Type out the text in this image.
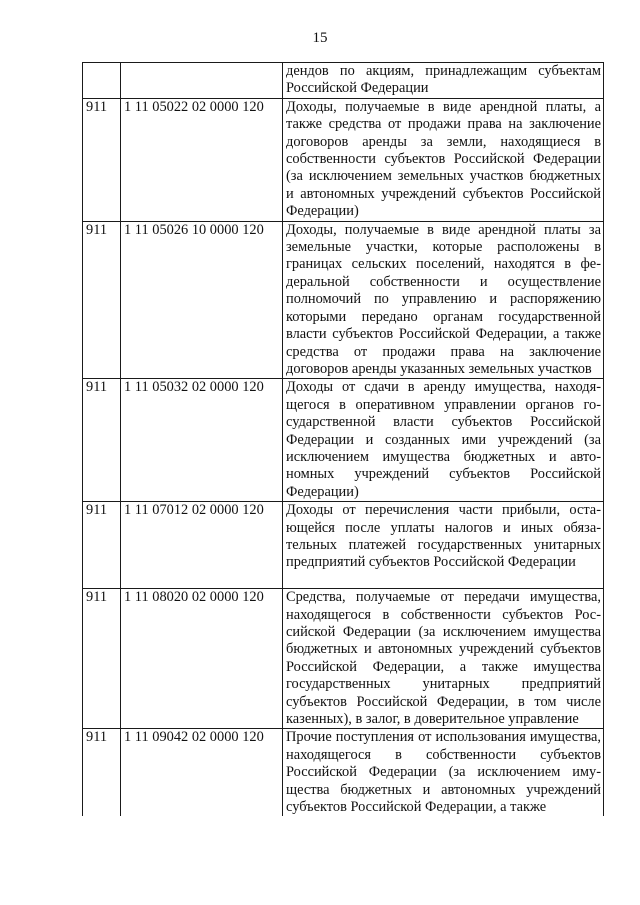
15
		дендов по акциям, принадлежащим субъектам Российской Федерации
911	1 11 05022 02 0000 120	Доходы, получаемые в виде арендной платы, а также средства от продажи права на заключение договоров аренды за земли, находящиеся в собственности субъектов Российской Федерации (за исключением земельных участков бюджетных и автономных учреждений субъектов Российской Федерации)
911	1 11 05026 10 0000 120	Доходы, получаемые в виде арендной платы за земельные участки, которые расположены в границах сельских поселений, находятся в федеральной собственности и осуществление полномочий по управлению и распоряжению которыми передано органам государственной власти субъектов Российской Федерации, а также средства от продажи права на заключение договоров аренды указанных земельных участков
911	1 11 05032 02 0000 120	Доходы от сдачи в аренду имущества, находящегося в оперативном управлении органов государственной власти субъектов Российской Федерации и созданных ими учреждений (за исключением имущества бюджетных и автономных учреждений субъектов Российской Федерации)
911	1 11 07012 02 0000 120	Доходы от перечисления части прибыли, остающейся после уплаты налогов и иных обязательных платежей государственных унитарных предприятий субъектов Российской Федерации
911	1 11 08020 02 0000 120	Средства, получаемые от передачи имущества, находящегося в собственности субъектов Российской Федерации (за исключением имущества бюджетных и автономных учреждений субъектов Российской Федерации, а также имущества государственных унитарных предприятий субъектов Российской Федерации, в том числе казенных), в залог, в доверительное управление
911	1 11 09042 02 0000 120	Прочие поступления от использования имущества, находящегося в собственности субъектов Российской Федерации (за исключением имущества бюджетных и автономных учреждений субъектов Российской Федерации, а также
